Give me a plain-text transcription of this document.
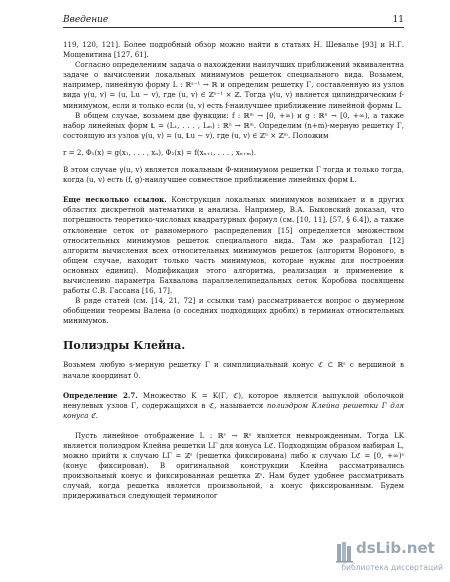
Введение	11

119, 120, 121]. Более подробный обзор можно найти в статьях Н. Шевалье [93] и Н.Г. Мощевитина [127, 61].

Согласно определениям задача о нахождении наилучших приближений эквивалентна задаче о вычислении локальных минимумов решеток специального вида. Возьмем, например, линейную форму L : ℝˢ⁻¹ → ℝ и определим решетку Γ, составленную из узлов вида γ(u, v) = (u, Lu − v), где (u, v) ∈ ℤˢ⁻¹ × ℤ. Тогда γ(u, v) является цилиндрическим f-минимумом, если и только если (u, v) есть f-наилучшее приближение линейной формы L.

В общем случае, возьмем две функции: f : ℝᵐ → [0, +∞) и g : ℝⁿ → [0, +∞), а также набор линейных форм 𝐋 = (L₁, . . . , Lₘ) : ℝⁿ → ℝᵐ. Определим (n+m)-мерную решетку Γ, состоящую из узлов γ(u, v) = (u, 𝐋u − v), где (u, v) ∈ ℤⁿ × ℤᵐ. Положим

r = 2, Φ₁(x) = g(x₁, . . . , xₙ), Φ₂(x) = f(xₙ₊₁, . . . , xₙ₊ₘ).

В этом случае γ(u, v) является локальным Φ-минимумом решетки Γ тогда и только тогда, когда (u, v) есть (f, g)-наилучшее совместное приближение линейных форм 𝐋.

Еще несколько ссылок. Конструкция локальных минимумов возникает и в других областях дискретной математики и анализа. Например, В.А. Быковский доказал, что погрешность теоретико-числовых квадратурных формул (см. [10, 11], [57, § 6.4]), а также отклонение сеток от равномерного распределения [15] определяется множеством относительных минимумов решеток специального вида. Там же разработал [12] алгоритм вычисления всех относительных минимумов решеток (алгоритм Вороного, в общем случае, находит только часть минимумов, которые нужны для построения основных единиц). Модификация этого алгоритма, реализация и применение к вычислению параметра Бахвалова параллелепипедальных сеток Коробова посвящены работы С.В. Гассана [16, 17].

В ряде статей (см. [14, 21, 72] и ссылки там) рассматривается вопрос о двумерном обобщении теоремы Валена (о соседних подходящих дробях) в терминах относительных минимумов.

Полиэдры Клейна.

Возьмем любую s-мерную решетку Γ и симплициальный конус ℭ ⊂ ℝˢ с вершиной в начале координат 0.

Определение 2.7. Множество K = K(Γ, ℭ), которое является выпуклой оболочкой ненулевых узлов Γ, содержащихся в ℭ, называется полиэдром Клейна решетки Γ для конуса ℭ.

Пусть линейное отображение L : ℝˢ → ℝˢ является невырожденным. Тогда LK является полиэдром Клейна решетки LΓ для конуса Lℭ. Подходящим образом выбирая L, можно прийти к случаю LΓ = ℤˢ (решетка фиксирована) либо к случаю Lℭ = [0, +∞)ˢ (конус фиксирован). В оригинальной конструкции Клейна рассматривались произвольный конус и фиксированная решетка ℤˢ. Нам будет удобнее рассматривать случай, когда решетка является произвольной, а конус фиксированным. Будем придерживаться следующей терминолог

dsLib.net
библиотека диссертаций
